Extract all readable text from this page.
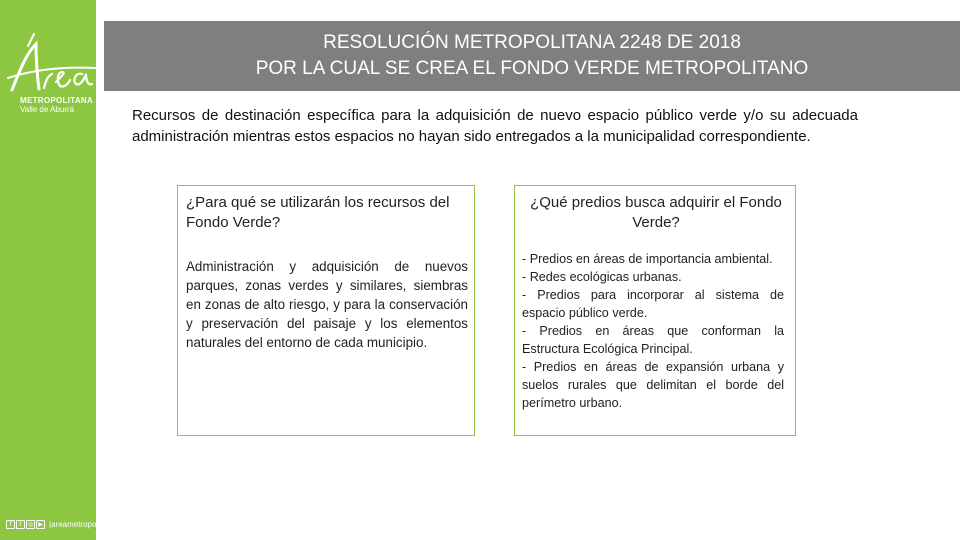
METROPOLITANA
Valle de Aburrá
f	t	◎ ▶ |areametropo
RESOLUCIÓN METROPOLITANA 2248 DE 2018
POR LA CUAL SE CREA EL FONDO VERDE METROPOLITANO
Recursos de destinación específica para la adquisición de nuevo espacio público verde y/o su adecuada administración mientras estos espacios no hayan sido entregados a la municipalidad correspondiente.
¿Para qué se utilizarán los recursos del Fondo Verde?
Administración y adquisición de nuevos parques, zonas verdes y similares, siembras en zonas de alto riesgo, y para la conservación y preservación del paisaje y los elementos naturales del entorno de cada municipio.
¿Qué predios busca adquirir el Fondo Verde?
- Predios en áreas de importancia ambiental.
- Redes ecológicas urbanas.
- Predios para incorporar al sistema de espacio público verde.
- Predios en áreas que conforman la Estructura Ecológica Principal.
- Predios en áreas de expansión urbana y suelos rurales que delimitan el borde del perímetro urbano.
